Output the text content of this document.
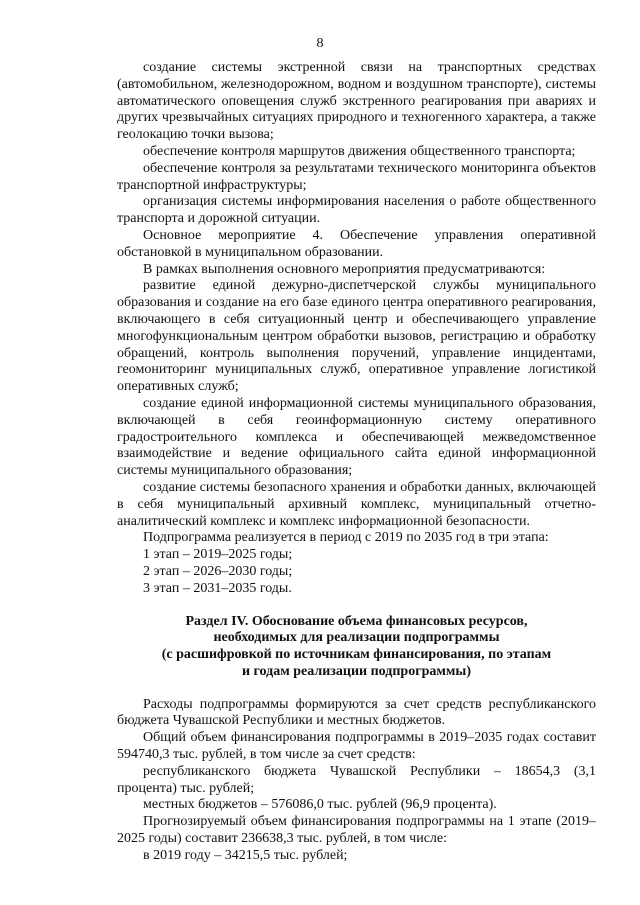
8

создание системы экстренной связи на транспортных средствах (автомобильном, железнодорожном, водном и воздушном транспорте), системы автоматического оповещения служб экстренного реагирования при авариях и других чрезвычайных ситуациях природного и техногенного характера, а также геолокацию точки вызова;

обеспечение контроля маршрутов движения общественного транспорта;

обеспечение контроля за результатами технического мониторинга объектов транспортной инфраструктуры;

организация системы информирования населения о работе общественного транспорта и дорожной ситуации.

Основное мероприятие 4. Обеспечение управления оперативной обстановкой в муниципальном образовании.

В рамках выполнения основного мероприятия предусматриваются:

развитие единой дежурно-диспетчерской службы муниципального образования и создание на его базе единого центра оперативного реагирования, включающего в себя ситуационный центр и обеспечивающего управление многофункциональным центром обработки вызовов, регистрацию и обработку обращений, контроль выполнения поручений, управление инцидентами, геомониторинг муниципальных служб, оперативное управление логистикой оперативных служб;

создание единой информационной системы муниципального образования, включающей в себя геоинформационную систему оперативного градостроительного комплекса и обеспечивающей межведомственное взаимодействие и ведение официального сайта единой информационной системы муниципального образования;

создание системы безопасного хранения и обработки данных, включающей в себя муниципальный архивный комплекс, муниципальный отчетно-аналитический комплекс и комплекс информационной безопасности.

Подпрограмма реализуется в период с 2019 по 2035 год в три этапа:

1 этап – 2019–2025 годы;

2 этап – 2026–2030 годы;

3 этап – 2031–2035 годы.

Раздел IV. Обоснование объема финансовых ресурсов,

необходимых для реализации подпрограммы

(с расшифровкой по источникам финансирования, по этапам

и годам реализации подпрограммы)

Расходы подпрограммы формируются за счет средств республиканского бюджета Чувашской Республики и местных бюджетов.

Общий объем финансирования подпрограммы в 2019–2035 годах составит 594740,3 тыс. рублей, в том числе за счет средств:

республиканского бюджета Чувашской Республики – 18654,3 (3,1 процента) тыс. рублей;

местных бюджетов – 576086,0 тыс. рублей (96,9 процента).

Прогнозируемый объем финансирования подпрограммы на 1 этапе (2019–2025 годы) составит 236638,3 тыс. рублей, в том числе:

в 2019 году – 34215,5 тыс. рублей;
